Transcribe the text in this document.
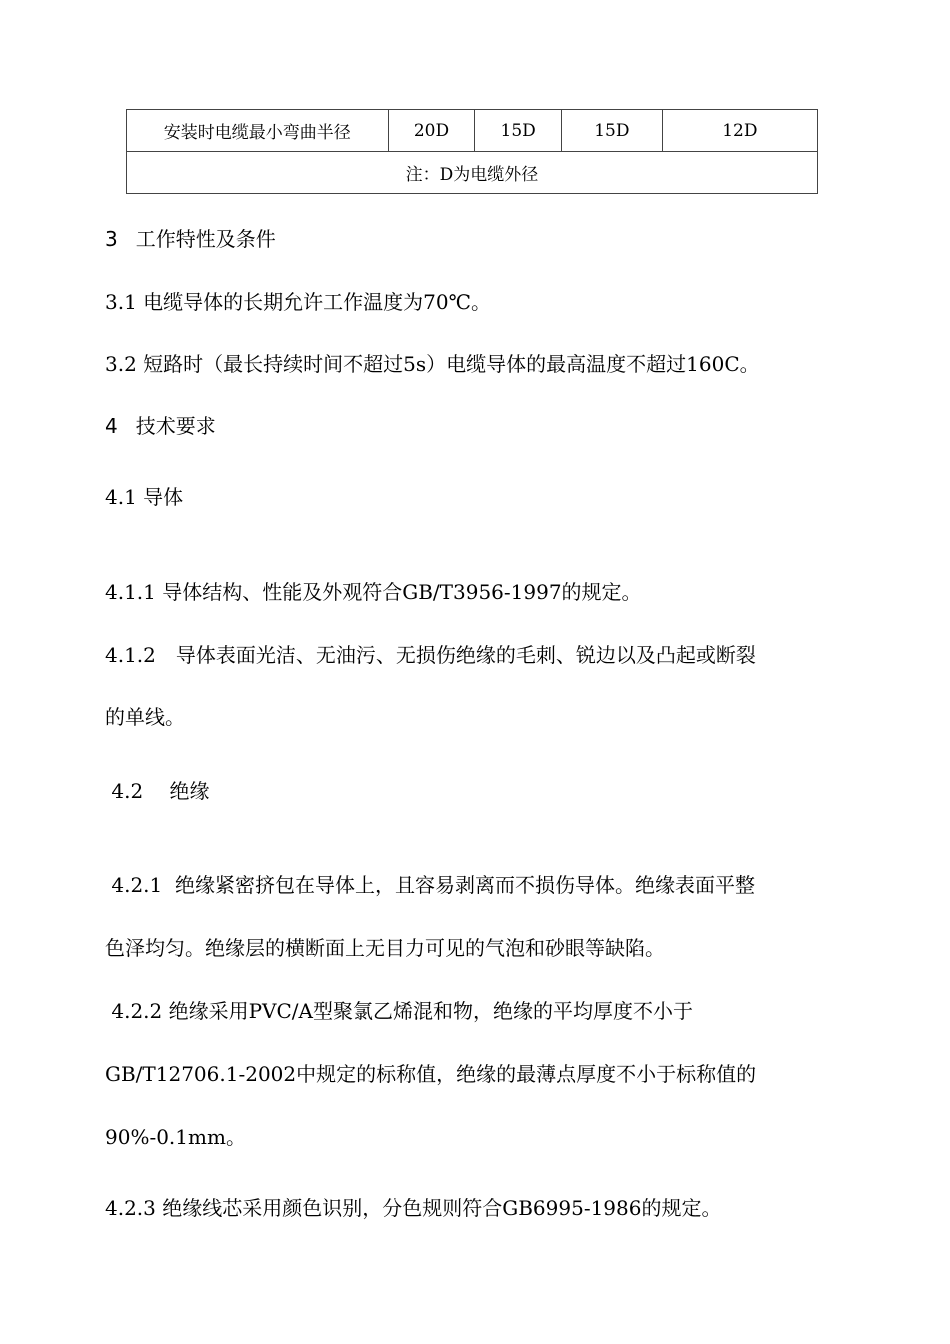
安装时电缆最小弯曲半径	20D	15D	15D	12D
注：D为电缆外径
3 工作特性及条件
3.1 电缆导体的长期允许工作温度为70℃。
3.2 短路时（最长持续时间不超过5s）电缆导体的最高温度不超过160C。
4 技术要求
4.1 导体
4.1.1 导体结构、性能及外观符合GB/T3956-1997的规定。
4.1.2　导体表面光洁、无油污、无损伤绝缘的毛刺、锐边以及凸起或断裂
的单线。
4.2　 绝缘
4.2.1  绝缘紧密挤包在导体上，且容易剥离而不损伤导体。绝缘表面平整
色泽均匀。绝缘层的横断面上无目力可见的气泡和砂眼等缺陷。
4.2.2 绝缘采用PVC/A型聚氯乙烯混和物，绝缘的平均厚度不小于
GB/T12706.1-2002中规定的标称值，绝缘的最薄点厚度不小于标称值的
90%-0.1mm。
4.2.3 绝缘线芯采用颜色识别，分色规则符合GB6995-1986的规定。
